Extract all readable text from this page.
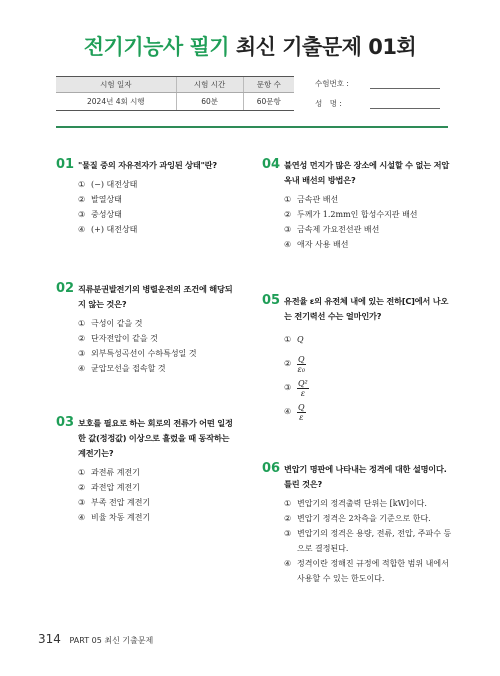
전기기능사 필기 최신 기출문제 01회
시험 일자	시험 시간	문항 수
2024년 4회 시행	60분	60문항
수험번호 :
성　명 :
01 "물질 중의 자유전자가 과잉된 상태"란?
① (−) 대전상태
② 발열상태
③ 중성상태
④ (+) 대전상태
02 직류분권발전기의 병렬운전의 조건에 해당되지 않는 것은?
① 극성이 같을 것
② 단자전압이 같을 것
③ 외부특성곡선이 수하특성일 것
④ 균압모선을 접속할 것
03 보호를 필요로 하는 회로의 전류가 어떤 일정한 값(정정값) 이상으로 흘렀을 때 동작하는 계전기는?
① 과전류 계전기
② 과전압 계전기
③ 부족 전압 계전기
④ 비율 차동 계전기
04 불연성 먼지가 많은 장소에 시설할 수 없는 저압 옥내 배선의 방법은?
① 금속관 배선
② 두께가 1.2mm인 합성수지관 배선
③ 금속제 가요전선관 배선
④ 애자 사용 배선
05 유전율 ε의 유전체 내에 있는 전하[C]에서 나오는 전기력선 수는 얼마인가?
① Q
② $\frac{Q}{\text{ε₀}}$
③ $\frac{\text{Q²}}{\varepsilon}$
④ $\frac{Q}{\varepsilon}$
06 변압기 명판에 나타내는 정격에 대한 설명이다. 틀린 것은?
① 변압기의 정격출력 단위는 [kW]이다.
② 변압기 정격은 2차측을 기준으로 한다.
③ 변압기의 정격은 용량, 전류, 전압, 주파수 등으로 결정된다.
④ 정격이란 정해진 규정에 적합한 범위 내에서 사용할 수 있는 한도이다.
314 PART 05 최신 기출문제
